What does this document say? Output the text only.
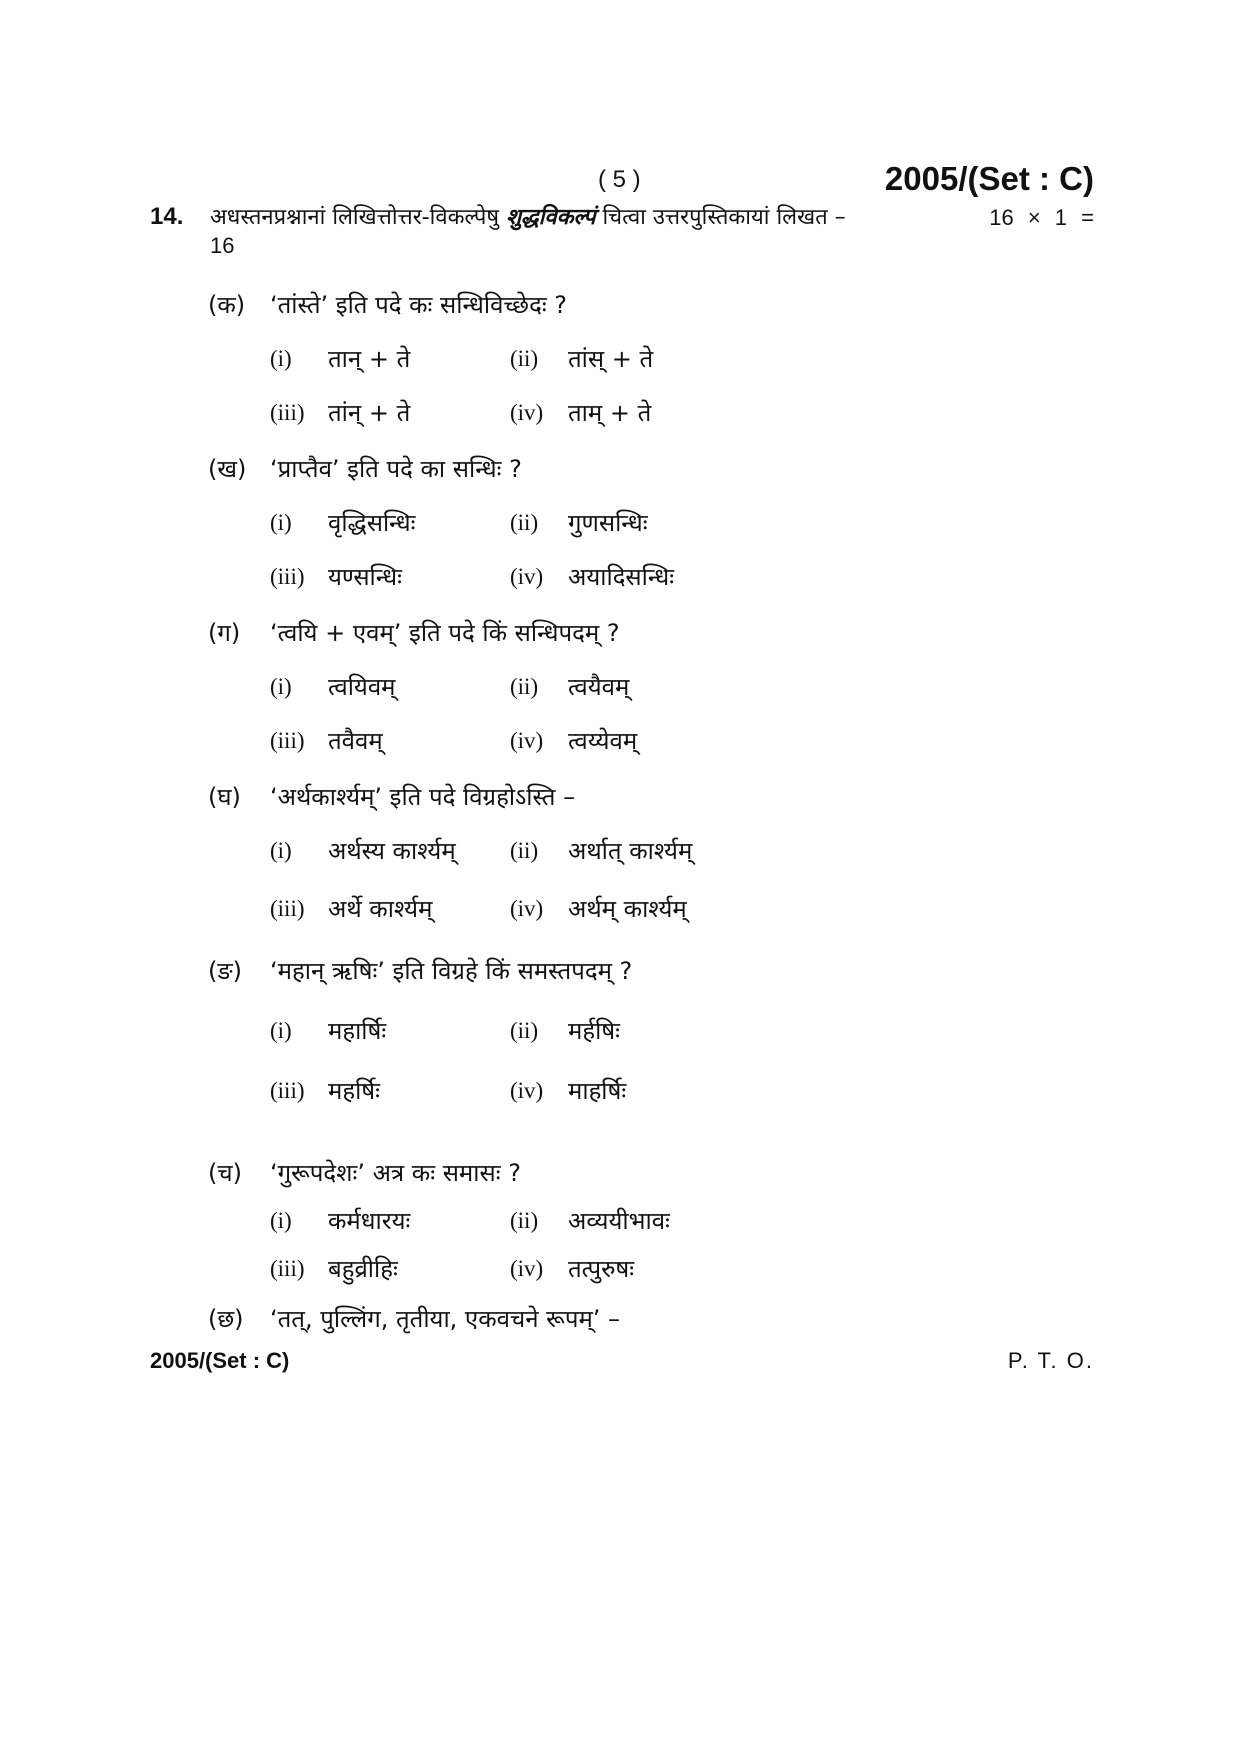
( 5 )	2005/(Set : C)
14. अधस्तनप्रश्नानां लिखित्तोत्तर-विकल्पेषु शुद्धविकल्पं चित्वा उत्तरपुस्तिकायां लिखत –	16 × 1 =
16
(क) ‘तांस्ते’ इति पदे कः सन्धिविच्छेदः ?
(i) तान् + ते	(ii) तांस् + ते
(iii) तांन् + ते	(iv) ताम् + ते
(ख) ‘प्राप्तैव’ इति पदे का सन्धिः ?
(i) वृद्धिसन्धिः	(ii) गुणसन्धिः
(iii) यण्सन्धिः	(iv) अयादिसन्धिः
(ग) ‘त्वयि + एवम्’ इति पदे किं सन्धिपदम् ?
(i) त्वयिवम्	(ii) त्वयैवम्
(iii) तवैवम्	(iv) त्वय्येवम्
(घ) ‘अर्थकार्श्यम्’ इति पदे विग्रहोऽस्ति –
(i) अर्थस्य कार्श्यम् (ii) अर्थात् कार्श्यम्
(iii) अर्थे कार्श्यम्	(iv) अर्थम् कार्श्यम्
(ङ) ‘महान् ऋषिः’ इति विग्रहे किं समस्तपदम् ?
(i) महार्षिः	(ii) मर्हषिः
(iii) महर्षिः	(iv) माहर्षिः
(च) ‘गुरूपदेशः’ अत्र कः समासः ?
(i) कर्मधारयः	(ii) अव्ययीभावः
(iii) बहुव्रीहिः	(iv) तत्पुरुषः
(छ) ‘तत्, पुल्लिंग, तृतीया, एकवचने रूपम्’ –
2005/(Set : C)	P. T. O.
